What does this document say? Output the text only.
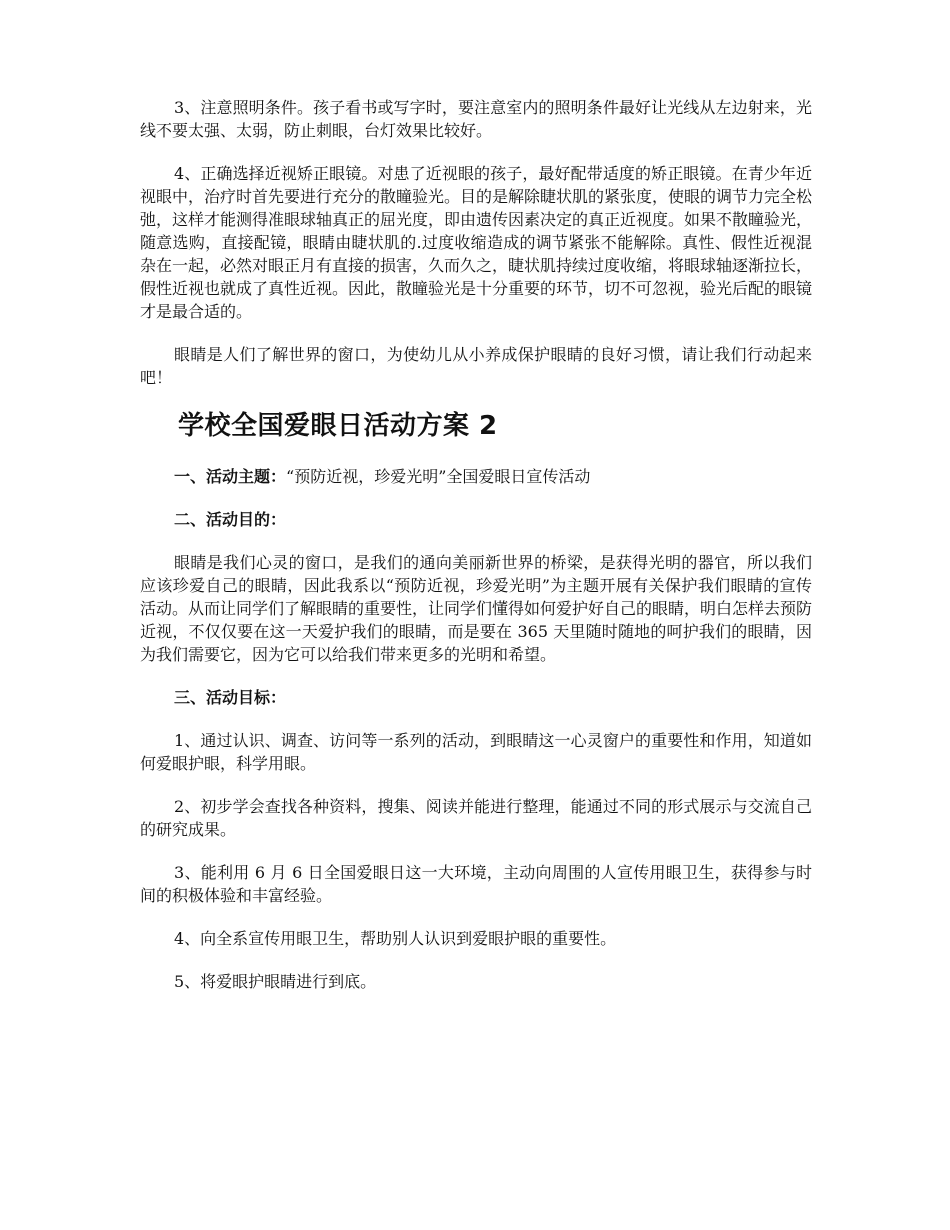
3、注意照明条件。孩子看书或写字时，要注意室内的照明条件最好让光线从左边射来，光线不要太强、太弱，防止刺眼，台灯效果比较好。

4、正确选择近视矫正眼镜。对患了近视眼的孩子，最好配带适度的矫正眼镜。在青少年近视眼中，治疗时首先要进行充分的散瞳验光。目的是解除睫状肌的紧张度，使眼的调节力完全松弛，这样才能测得准眼球轴真正的屈光度，即由遗传因素决定的真正近视度。如果不散瞳验光，随意选购，直接配镜，眼睛由睫状肌的.过度收缩造成的调节紧张不能解除。真性、假性近视混杂在一起，必然对眼正月有直接的损害，久而久之，睫状肌持续过度收缩，将眼球轴逐渐拉长，假性近视也就成了真性近视。因此，散瞳验光是十分重要的环节，切不可忽视，验光后配的眼镜才是最合适的。

眼睛是人们了解世界的窗口，为使幼儿从小养成保护眼睛的良好习惯，请让我们行动起来吧！

学校全国爱眼日活动方案 2

一、活动主题：“预防近视，珍爱光明”全国爱眼日宣传活动

二、活动目的：

眼睛是我们心灵的窗口，是我们的通向美丽新世界的桥梁，是获得光明的器官，所以我们应该珍爱自己的眼睛，因此我系以“预防近视，珍爱光明”为主题开展有关保护我们眼睛的宣传活动。从而让同学们了解眼睛的重要性，让同学们懂得如何爱护好自己的眼睛，明白怎样去预防近视，不仅仅要在这一天爱护我们的眼睛，而是要在 365 天里随时随地的呵护我们的眼睛，因为我们需要它，因为它可以给我们带来更多的光明和希望。

三、活动目标：

1、通过认识、调查、访问等一系列的活动，到眼睛这一心灵窗户的重要性和作用，知道如何爱眼护眼，科学用眼。

2、初步学会查找各种资料，搜集、阅读并能进行整理，能通过不同的形式展示与交流自己的研究成果。

3、能利用 6 月 6 日全国爱眼日这一大环境，主动向周围的人宣传用眼卫生，获得参与时间的积极体验和丰富经验。

4、向全系宣传用眼卫生，帮助别人认识到爱眼护眼的重要性。

5、将爱眼护眼睛进行到底。
